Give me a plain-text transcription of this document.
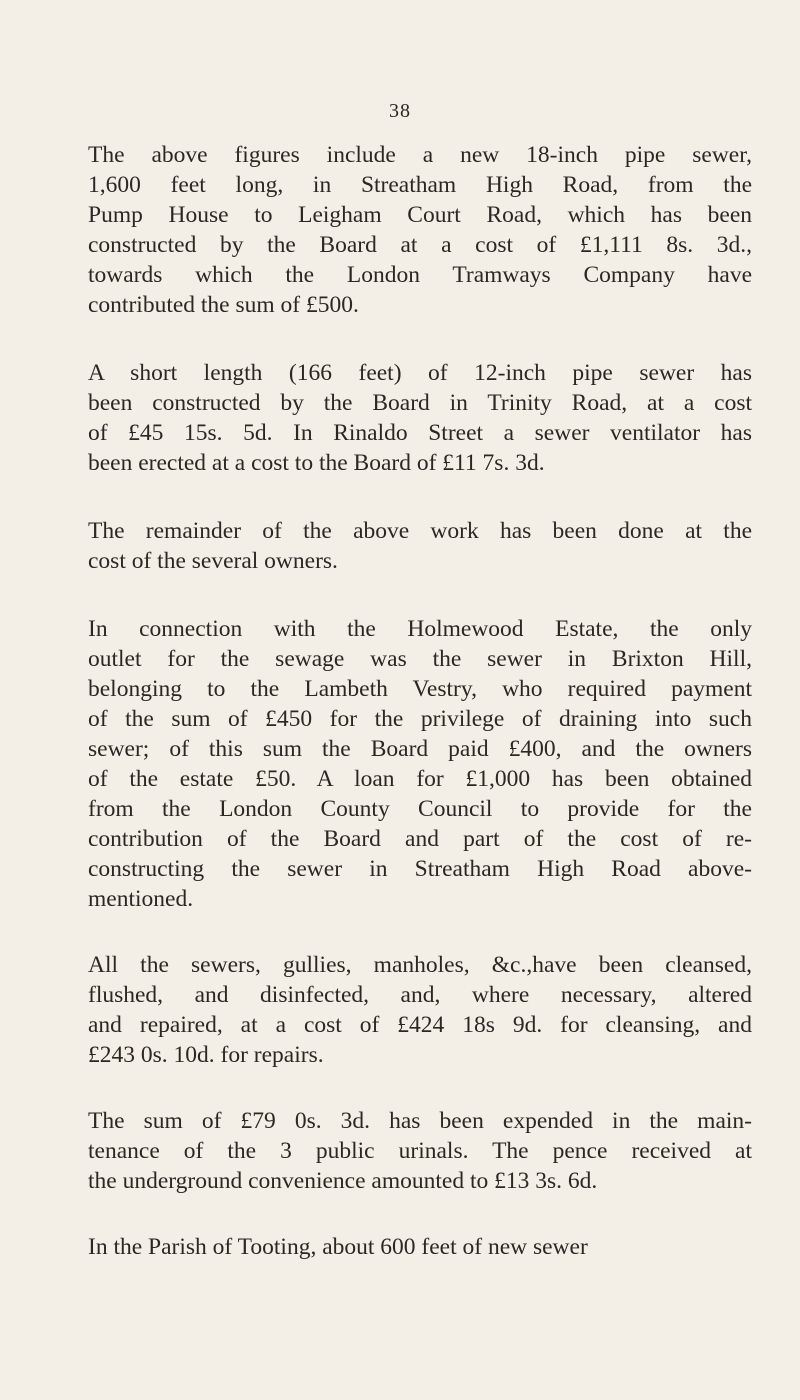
38

The above figures include a new 18-inch pipe sewer,
1,600 feet long, in Streatham High Road, from the
Pump House to Leigham Court Road, which has been
constructed by the Board at a cost of £1,111 8s. 3d.,
towards which the London Tramways Company have
contributed the sum of £500.

A short length (166 feet) of 12-inch pipe sewer has
been constructed by the Board in Trinity Road, at a cost
of £45 15s. 5d. In Rinaldo Street a sewer ventilator has
been erected at a cost to the Board of £11 7s. 3d.

The remainder of the above work has been done at the
cost of the several owners.

In connection with the Holmewood Estate, the only
outlet for the sewage was the sewer in Brixton Hill,
belonging to the Lambeth Vestry, who required payment
of the sum of £450 for the privilege of draining into such
sewer; of this sum the Board paid £400, and the owners
of the estate £50. A loan for £1,000 has been obtained
from the London County Council to provide for the
contribution of the Board and part of the cost of re-
constructing the sewer in Streatham High Road above-
mentioned.

All the sewers, gullies, manholes, &c.,have been cleansed,
flushed, and disinfected, and, where necessary, altered
and repaired, at a cost of £424 18s 9d. for cleansing, and
£243 0s. 10d. for repairs.

The sum of £79 0s. 3d. has been expended in the main-
tenance of the 3 public urinals. The pence received at
the underground convenience amounted to £13 3s. 6d.

In the Parish of Tooting, about 600 feet of new sewer
